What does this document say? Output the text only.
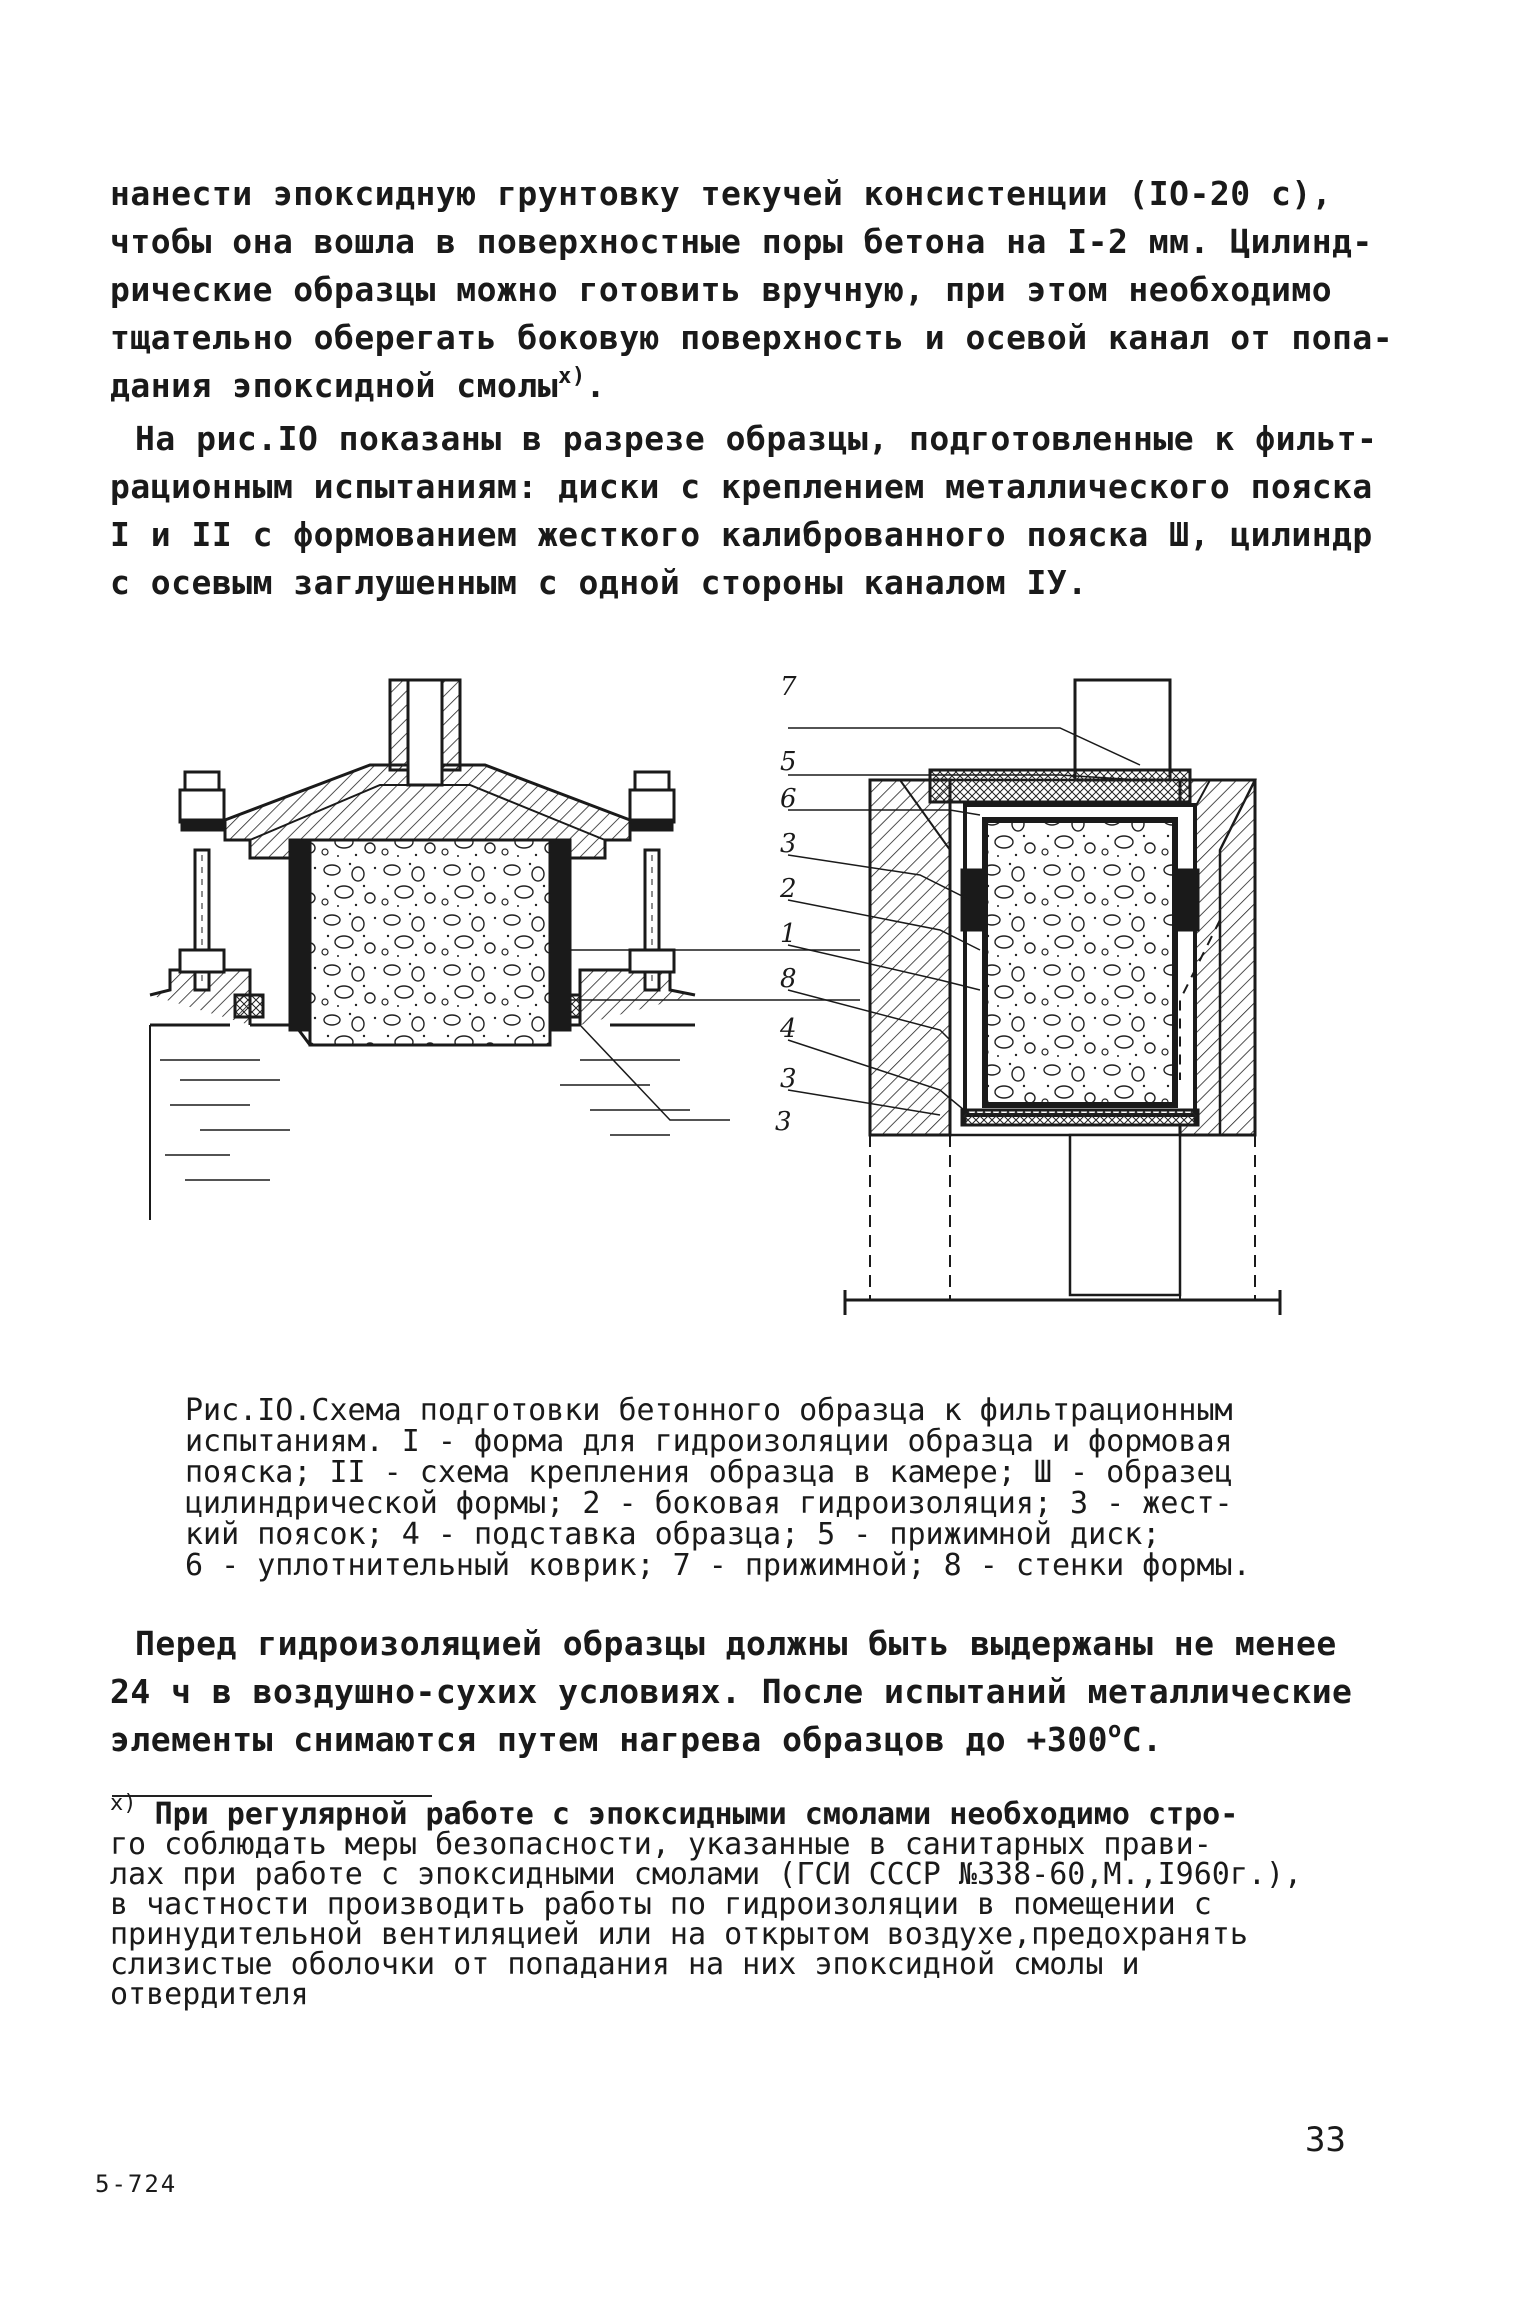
нанести эпоксидную грунтовку текучей консистенции (IO-20 с),
чтобы она вошла в поверхностные поры бетона на I-2 мм. Цилинд-
рические образцы можно готовить вручную, при этом необходимо
тщательно оберегать боковую поверхность и осевой канал от попа-
дания эпоксидной смолы$^{x)}$.
На рис.IO показаны в разрезе образцы, подготовленные к фильт-
рационным испытаниям: диски с креплением металлического пояска
I и II с формованием жесткого калиброванного пояска Ш, цилиндр
с осевым заглушенным с одной стороны каналом IУ.
3
7
5
6
3
2
1
8
4
3
Рис.IO.Схема подготовки бетонного образца к фильтрационным
испытаниям. I - форма для гидроизоляции образца и формовая
пояска; II - схема крепления образца в камере; Ш - образец
цилиндрической формы; 2 - боковая гидроизоляция; 3 - жест-
кий поясок; 4 - подставка образца; 5 - прижимной диск;
6 - уплотнительный коврик; 7 - прижимной; 8 - стенки формы.
Перед гидроизоляцией образцы должны быть выдержаны не менее
24 ч в воздушно-сухих условиях. После испытаний металлические
элементы снимаются путем нагрева образцов до $+300^oС$.
$^{x)}$ При регулярной работе с эпоксидными смолами необходимо стро-
го соблюдать меры безопасности, указанные в санитарных прави-
лах при работе с эпоксидными смолами (ГСИ СССР №338-60,М.,I960г.),
в частности производить работы по гидроизоляции в помещении с
принудительной вентиляцией или на открытом воздухе,предохранять
слизистые оболочки от попадания на них эпоксидной смолы и
отвердителя
33
5-724
